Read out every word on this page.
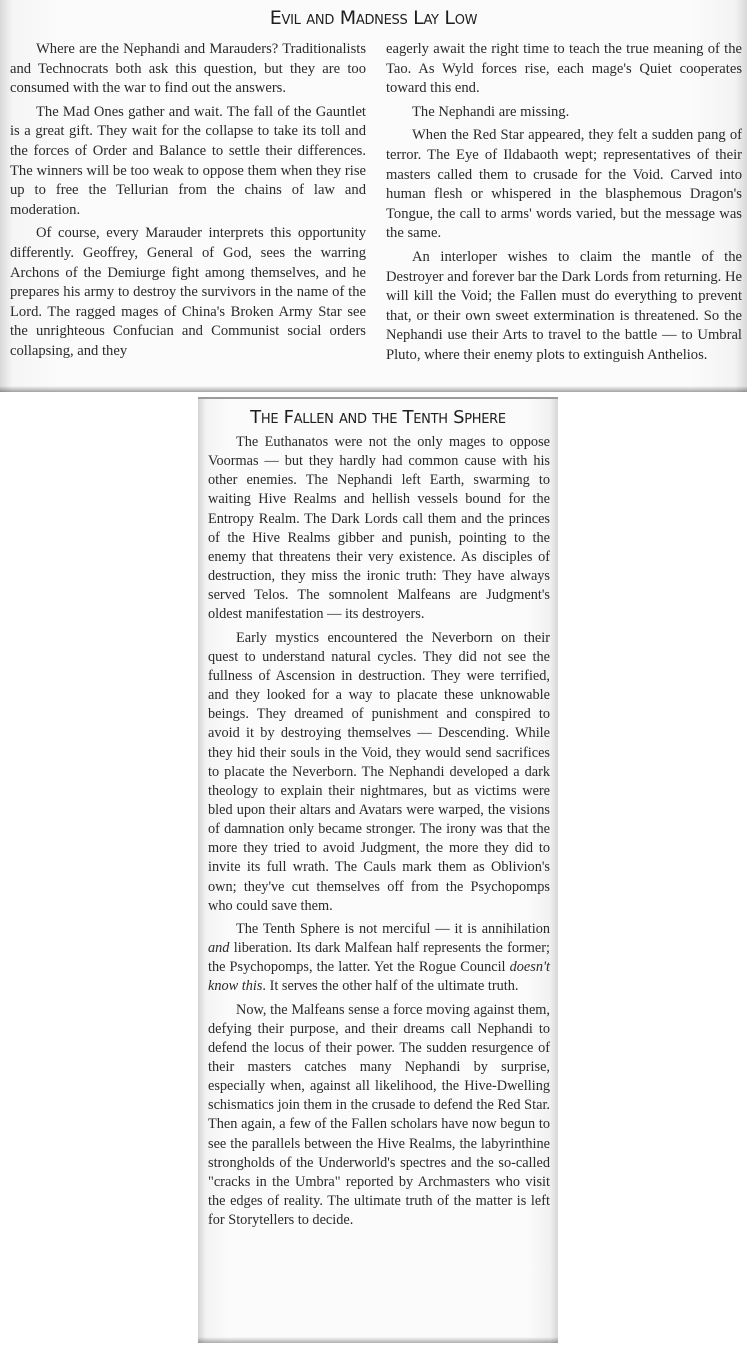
Evil and Madness Lay Low

Where are the Nephandi and Marauders? Traditionalists and Technocrats both ask this question, but they are too consumed with the war to find out the answers.

The Mad Ones gather and wait. The fall of the Gauntlet is a great gift. They wait for the collapse to take its toll and the forces of Order and Balance to settle their differences. The winners will be too weak to oppose them when they rise up to free the Tellurian from the chains of law and moderation.

Of course, every Marauder interprets this opportunity differently. Geoffrey, General of God, sees the warring Archons of the Demiurge fight among themselves, and he prepares his army to destroy the survivors in the name of the Lord. The ragged mages of China's Broken Army Star see the unrighteous Confucian and Communist social orders collapsing, and they

eagerly await the right time to teach the true meaning of the Tao. As Wyld forces rise, each mage's Quiet cooperates toward this end.

The Nephandi are missing.

When the Red Star appeared, they felt a sudden pang of terror. The Eye of Ildabaoth wept; representatives of their masters called them to crusade for the Void. Carved into human flesh or whispered in the blasphemous Dragon's Tongue, the call to arms' words varied, but the message was the same.

An interloper wishes to claim the mantle of the Destroyer and forever bar the Dark Lords from returning. He will kill the Void; the Fallen must do everything to prevent that, or their own sweet extermination is threatened. So the Nephandi use their Arts to travel to the battle — to Umbral Pluto, where their enemy plots to extinguish Anthelios.

The Fallen and the Tenth Sphere

The Euthanatos were not the only mages to oppose Voormas — but they hardly had common cause with his other enemies. The Nephandi left Earth, swarming to waiting Hive Realms and hellish vessels bound for the Entropy Realm. The Dark Lords call them and the princes of the Hive Realms gibber and punish, pointing to the enemy that threatens their very existence. As disciples of destruction, they miss the ironic truth: They have always served Telos. The somnolent Malfeans are Judgment's oldest manifestation — its destroyers.

Early mystics encountered the Neverborn on their quest to understand natural cycles. They did not see the fullness of Ascension in destruction. They were terrified, and they looked for a way to placate these unknowable beings. They dreamed of punishment and conspired to avoid it by destroying themselves — Descending. While they hid their souls in the Void, they would send sacrifices to placate the Neverborn. The Nephandi developed a dark theology to explain their nightmares, but as victims were bled upon their altars and Avatars were warped, the visions of damnation only became stronger. The irony was that the more they tried to avoid Judgment, the more they did to invite its full wrath. The Cauls mark them as Oblivion's own; they've cut themselves off from the Psychopomps who could save them.

The Tenth Sphere is not merciful — it is annihilation and liberation. Its dark Malfean half represents the former; the Psychopomps, the latter. Yet the Rogue Council doesn't know this. It serves the other half of the ultimate truth.

Now, the Malfeans sense a force moving against them, defying their purpose, and their dreams call Nephandi to defend the locus of their power. The sudden resurgence of their masters catches many Nephandi by surprise, especially when, against all likelihood, the Hive-Dwelling schismatics join them in the crusade to defend the Red Star. Then again, a few of the Fallen scholars have now begun to see the parallels between the Hive Realms, the labyrinthine strongholds of the Underworld's spectres and the so-called "cracks in the Umbra" reported by Archmasters who visit the edges of reality. The ultimate truth of the matter is left for Storytellers to decide.
